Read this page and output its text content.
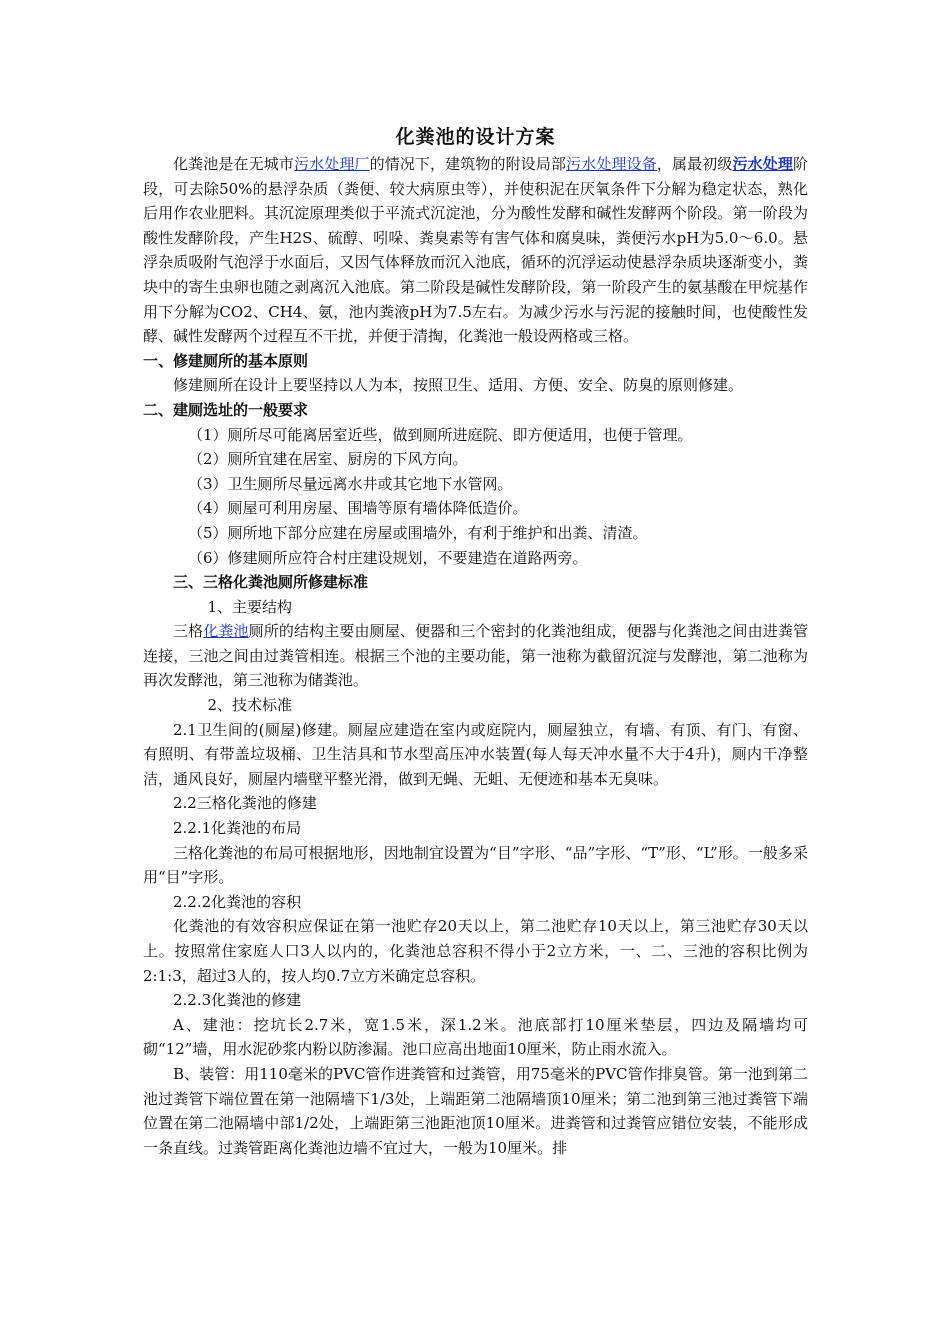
化粪池的设计方案

化粪池是在无城市污水处理厂的情况下，建筑物的附设局部污水处理设备，属最初级污水处理阶段，可去除50%的悬浮杂质（粪便、较大病原虫等），并使积泥在厌氧条件下分解为稳定状态，熟化后用作农业肥料。其沉淀原理类似于平流式沉淀池，分为酸性发酵和碱性发酵两个阶段。第一阶段为酸性发酵阶段，产生H2S、硫醇、吲哚、粪臭素等有害气体和腐臭味，粪便污水pH为5.0～6.0。悬浮杂质吸附气泡浮于水面后，又因气体释放而沉入池底，循环的沉浮运动使悬浮杂质块逐渐变小，粪块中的寄生虫卵也随之剥离沉入池底。第二阶段是碱性发酵阶段，第一阶段产生的氨基酸在甲烷基作用下分解为CO2、CH4、氨，池内粪液pH为7.5左右。为减少污水与污泥的接触时间，也使酸性发酵、碱性发酵两个过程互不干扰，并便于清掏，化粪池一般设两格或三格。

一、修建厕所的基本原则

修建厕所在设计上要坚持以人为本，按照卫生、适用、方便、安全、防臭的原则修建。

二、建厕选址的一般要求

（1）厕所尽可能离居室近些，做到厕所进庭院、即方便适用，也便于管理。

（2）厕所宜建在居室、厨房的下风方向。

（3）卫生厕所尽量远离水井或其它地下水管网。

（4）厕屋可利用房屋、围墙等原有墙体降低造价。

（5）厕所地下部分应建在房屋或围墙外，有利于维护和出粪、清渣。

（6）修建厕所应符合村庄建设规划，不要建造在道路两旁。

三、三格化粪池厕所修建标准

1、主要结构

三格化粪池厕所的结构主要由厕屋、便器和三个密封的化粪池组成，便器与化粪池之间由进粪管连接，三池之间由过粪管相连。根据三个池的主要功能，第一池称为截留沉淀与发酵池，第二池称为再次发酵池，第三池称为储粪池。

2、技术标准

2.1卫生间的(厕屋)修建。厕屋应建造在室内或庭院内，厕屋独立，有墙、有顶、有门、有窗、有照明、有带盖垃圾桶、卫生洁具和节水型高压冲水装置(每人每天冲水量不大于4升)，厕内干净整洁，通风良好，厕屋内墙壁平整光滑，做到无蝇、无蛆、无便迹和基本无臭味。

2.2三格化粪池的修建

2.2.1化粪池的布局

三格化粪池的布局可根据地形，因地制宜设置为“目”字形、“品”字形、“T”形、“L”形。一般多采用“目”字形。

2.2.2化粪池的容积

化粪池的有效容积应保证在第一池贮存20天以上，第二池贮存10天以上，第三池贮存30天以上。按照常住家庭人口3人以内的，化粪池总容积不得小于2立方米，一、二、三池的容积比例为2:1:3，超过3人的，按人均0.7立方米确定总容积。

2.2.3化粪池的修建

A、建池：挖坑长2.7米，宽1.5米，深1.2米。池底部打10厘米垫层，四边及隔墙均可砌“12”墙，用水泥砂浆内粉以防渗漏。池口应高出地面10厘米，防止雨水流入。

B、装管：用110毫米的PVC管作进粪管和过粪管，用75毫米的PVC管作排臭管。第一池到第二池过粪管下端位置在第一池隔墙下1/3处，上端距第二池隔墙顶10厘米；第二池到第三池过粪管下端位置在第二池隔墙中部1/2处，上端距第三池距池顶10厘米。进粪管和过粪管应错位安装，不能形成一条直线。过粪管距离化粪池边墙不宜过大，一般为10厘米。排
